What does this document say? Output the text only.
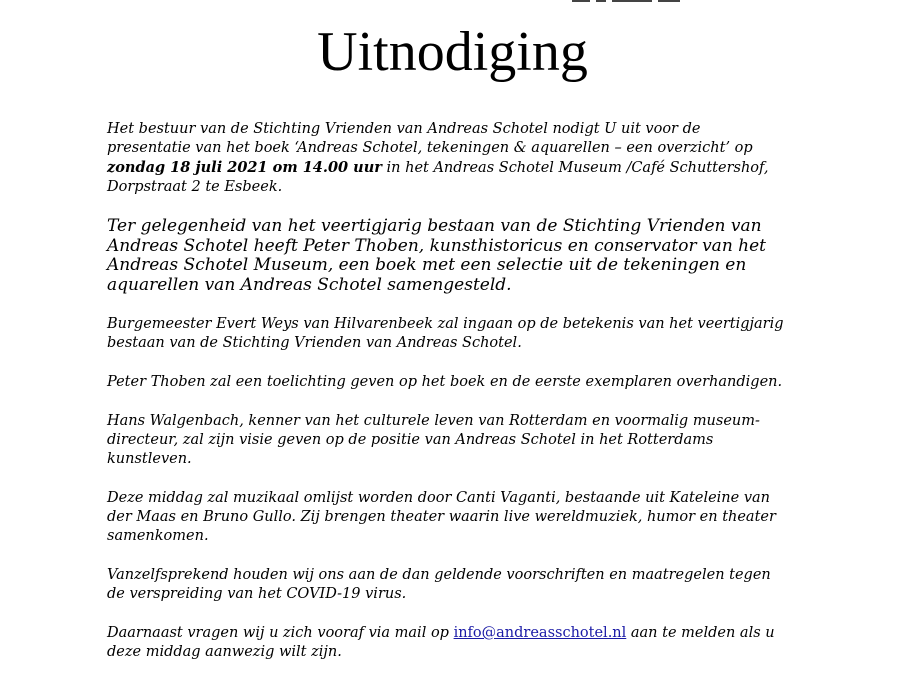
Uitnodiging

Het bestuur van de Stichting Vrienden van Andreas Schotel nodigt U uit voor de presentatie van het boek ‘Andreas Schotel, tekeningen & aquarellen – een overzicht’ op zondag 18 juli 2021 om 14.00 uur in het Andreas Schotel Museum /Café Schuttershof, Dorpstraat 2 te Esbeek.

Ter gelegenheid van het veertigjarig bestaan van de Stichting Vrienden van Andreas Schotel heeft Peter Thoben, kunsthistoricus en conservator van het Andreas Schotel Museum, een boek met een selectie uit de tekeningen en aquarellen van Andreas Schotel samengesteld.

Burgemeester Evert Weys van Hilvarenbeek zal ingaan op de betekenis van het veertigjarig bestaan van de Stichting Vrienden van Andreas Schotel.

Peter Thoben zal een toelichting geven op het boek en de eerste exemplaren overhandigen.

Hans Walgenbach, kenner van het culturele leven van Rotterdam en voormalig museum-directeur, zal zijn visie geven op de positie van Andreas Schotel in het Rotterdams kunstleven.

Deze middag zal muzikaal omlijst worden door Canti Vaganti, bestaande uit Kateleine van der Maas en Bruno Gullo. Zij brengen theater waarin live wereldmuziek, humor en theater samenkomen.

Vanzelfsprekend houden wij ons aan de dan geldende voorschriften en maatregelen tegen de verspreiding van het COVID-19 virus.

Daarnaast vragen wij u zich vooraf via mail op info@andreasschotel.nl aan te melden als u deze middag aanwezig wilt zijn.
